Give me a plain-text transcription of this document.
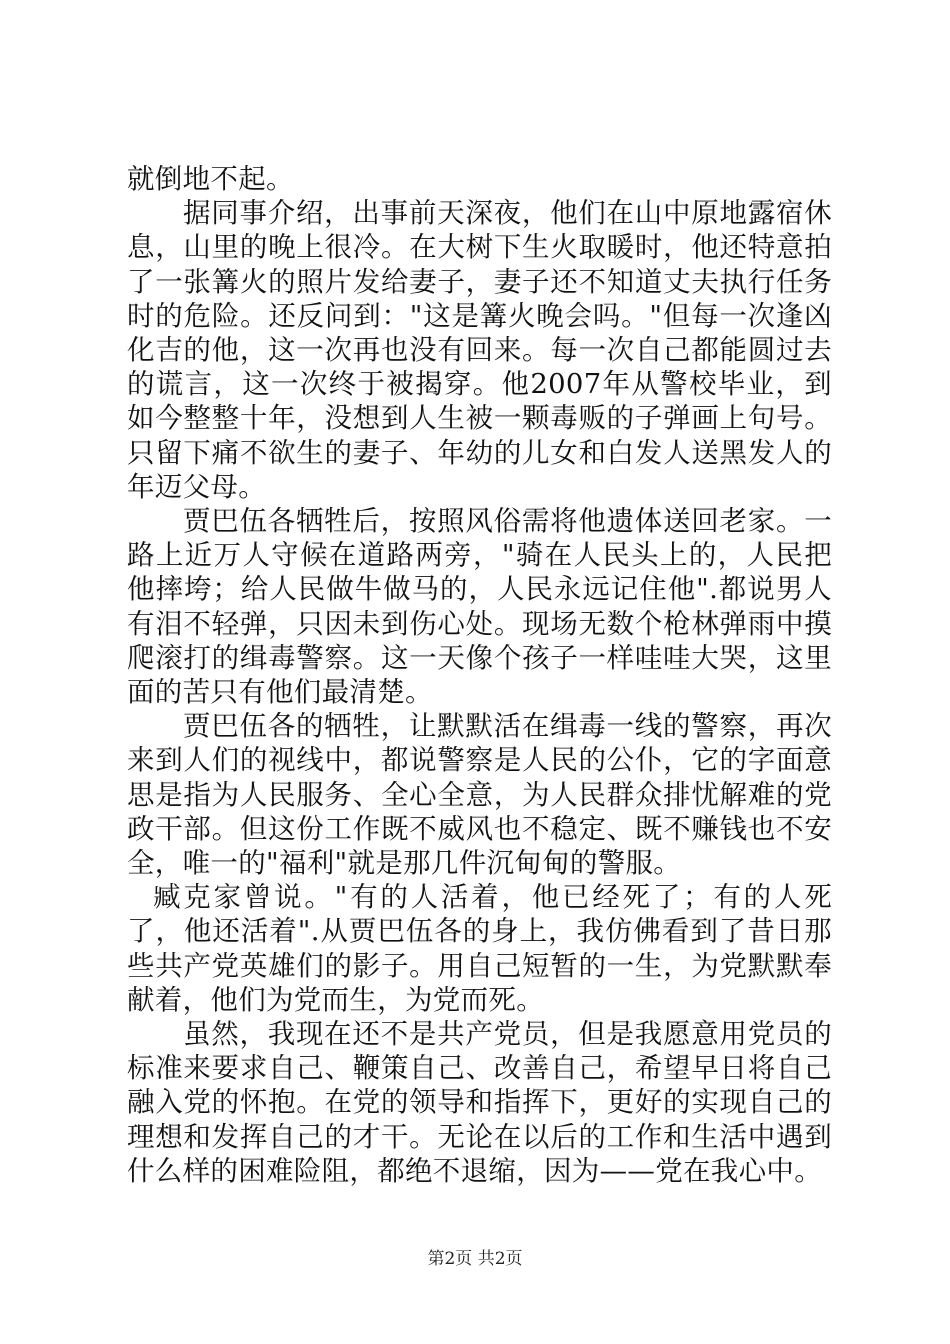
就倒地不起。

据同事介绍，出事前天深夜，他们在山中原地露宿休息，山里的晚上很冷。在大树下生火取暖时，他还特意拍了一张篝火的照片发给妻子，妻子还不知道丈夫执行任务时的危险。还反问到："这是篝火晚会吗。"但每一次逢凶化吉的他，这一次再也没有回来。每一次自己都能圆过去的谎言，这一次终于被揭穿。他2007年从警校毕业，到如今整整十年，没想到人生被一颗毒贩的子弹画上句号。只留下痛不欲生的妻子、年幼的儿女和白发人送黑发人的年迈父母。

贾巴伍各牺牲后，按照风俗需将他遗体送回老家。一路上近万人守候在道路两旁，"骑在人民头上的，人民把他摔垮；给人民做牛做马的，人民永远记住他".都说男人有泪不轻弹，只因未到伤心处。现场无数个枪林弹雨中摸爬滚打的缉毒警察。这一天像个孩子一样哇哇大哭，这里面的苦只有他们最清楚。

贾巴伍各的牺牲，让默默活在缉毒一线的警察，再次来到人们的视线中，都说警察是人民的公仆，它的字面意思是指为人民服务、全心全意，为人民群众排忧解难的党政干部。但这份工作既不威风也不稳定、既不赚钱也不安全，唯一的"福利"就是那几件沉甸甸的警服。

臧克家曾说。"有的人活着，他已经死了；有的人死了，他还活着".从贾巴伍各的身上，我仿佛看到了昔日那些共产党英雄们的影子。用自己短暂的一生，为党默默奉献着，他们为党而生，为党而死。

虽然，我现在还不是共产党员，但是我愿意用党员的标准来要求自己、鞭策自己、改善自己，希望早日将自己融入党的怀抱。在党的领导和指挥下，更好的实现自己的理想和发挥自己的才干。无论在以后的工作和生活中遇到什么样的困难险阻，都绝不退缩，因为——党在我心中。

第2页 共2页
